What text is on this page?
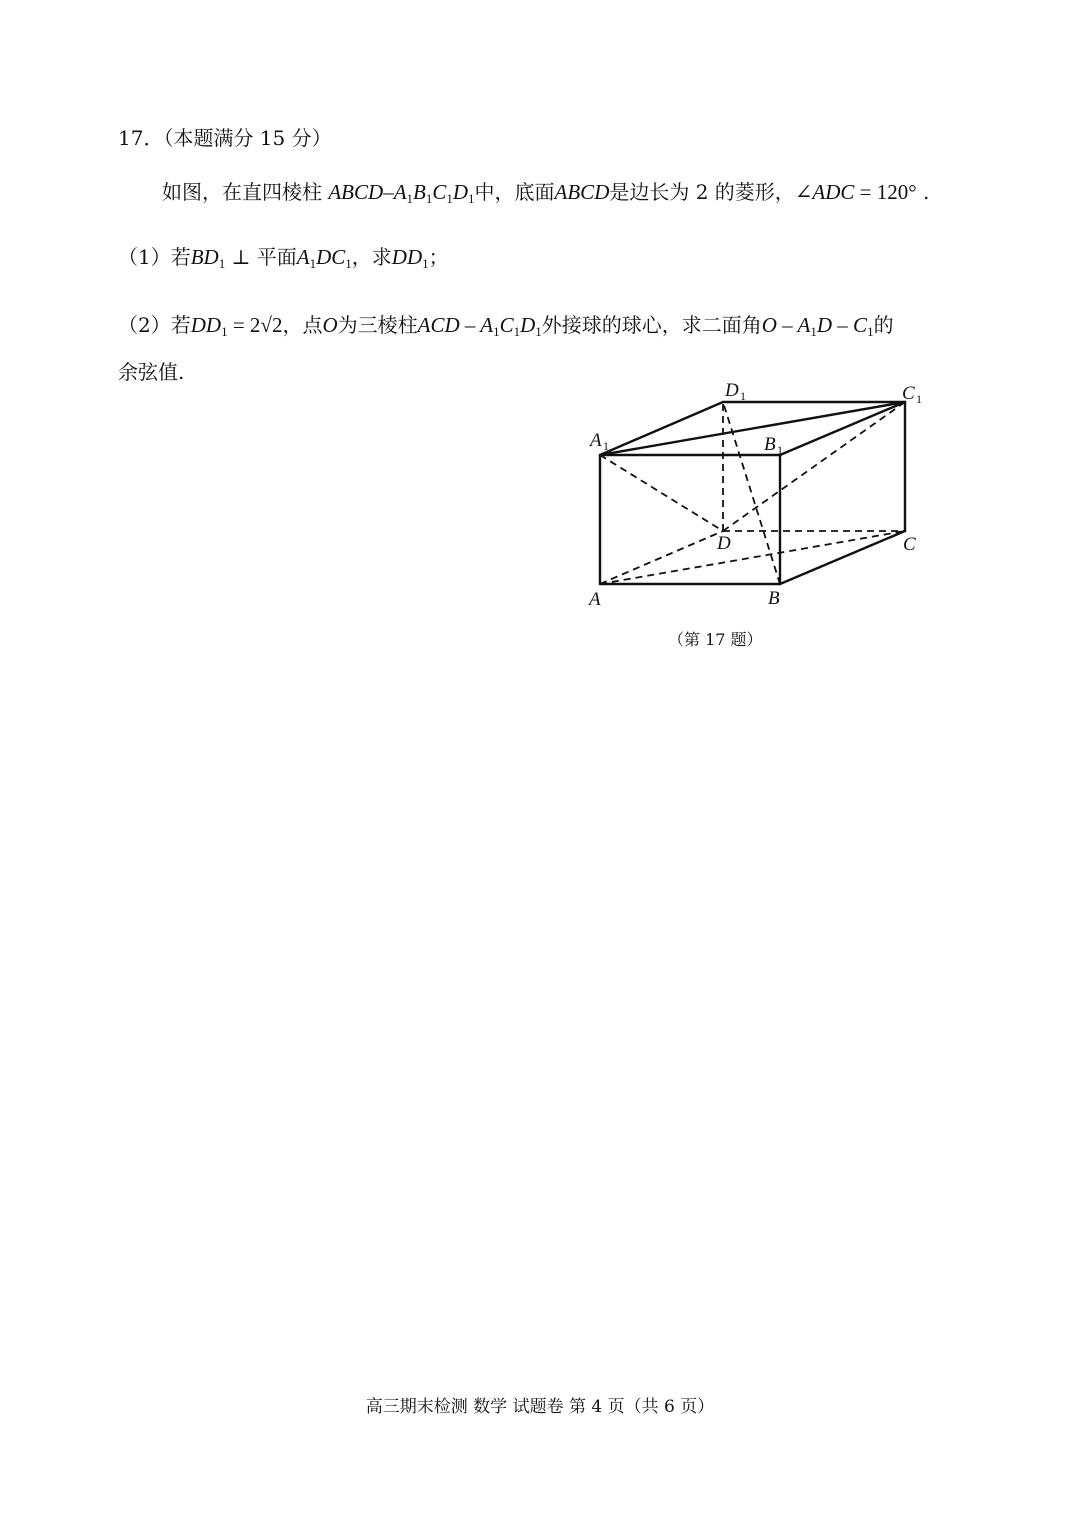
17．（本题满分 15 分）
如图，在直四棱柱 ABCD–$A_1B_1C_1D_1$中，底面ABCD是边长为 2 的菱形，∠ADC = 120° .
（1）若$BD_1$ ⊥ 平面$A_1DC_1$，求$DD_1$；
（2）若$DD_1 = 2√2$，点O为三棱柱ACD – $A_1C_1D_1$外接球的球心，求二面角O – $A_1D - C_1$的
余弦值.
A	B
C
D
A 1	B 1
C 1
D 1
（第 17 题）
高三期末检测 数学 试题卷 第 4 页（共 6 页）
